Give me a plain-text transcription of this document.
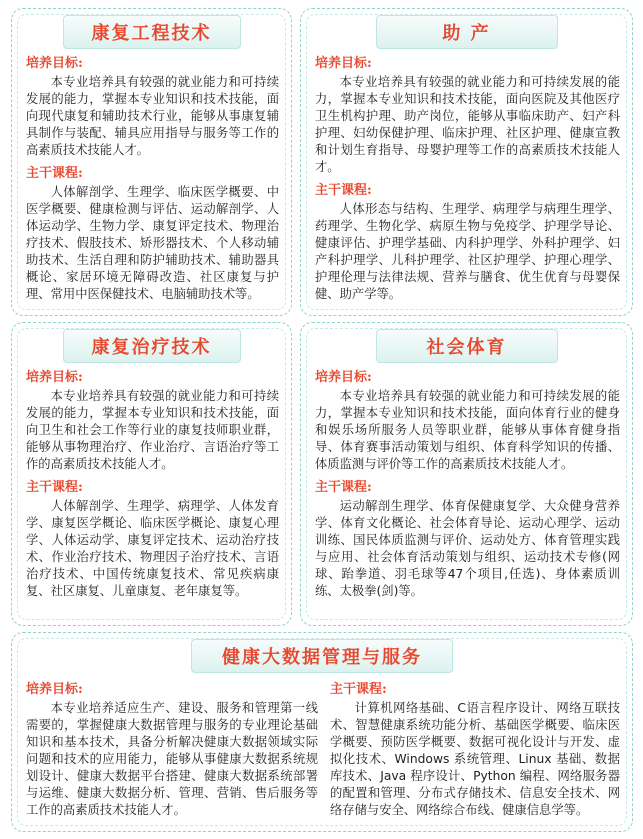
康复工程技术
培养目标:
本专业培养具有较强的就业能力和可持续发展的能力，掌握本专业知识和技术技能，面向现代康复和辅助技术行业，能够从事康复辅具制作与装配、辅具应用指导与服务等工作的高素质技术技能人才。
主干课程:
人体解剖学、生理学、临床医学概要、中医学概要、健康检测与评估、运动解剖学、人体运动学、生物力学、康复评定技术、物理治疗技术、假肢技术、矫形器技术、个人移动辅助技术、生活自理和防护辅助技术、辅助器具概论、家居环境无障碍改造、社区康复与护理、常用中医保健技术、电脑辅助技术等。
助 产
培养目标:
本专业培养具有较强的就业能力和可持续发展的能力，掌握本专业知识和技术技能，面向医院及其他医疗卫生机构护理、助产岗位，能够从事临床助产、妇产科护理、妇幼保健护理、临床护理、社区护理、健康宣教和计划生育指导、母婴护理等工作的高素质技术技能人才。
主干课程:
人体形态与结构、生理学、病理学与病理生理学、药理学、生物化学、病原生物与免疫学、护理学导论、健康评估、护理学基础、内科护理学、外科护理学、妇产科护理学、儿科护理学、社区护理学、护理心理学、护理伦理与法律法规、营养与膳食、优生优育与母婴保健、助产学等。
康复治疗技术
培养目标:
本专业培养具有较强的就业能力和可持续发展的能力，掌握本专业知识和技术技能，面向卫生和社会工作等行业的康复技师职业群，能够从事物理治疗、作业治疗、言语治疗等工作的高素质技术技能人才。
主干课程:
人体解剖学、生理学、病理学、人体发育学、康复医学概论、临床医学概论、康复心理学、人体运动学、康复评定技术、运动治疗技术、作业治疗技术、物理因子治疗技术、言语治疗技术、中国传统康复技术、常见疾病康复、社区康复、儿童康复、老年康复等。
社会体育
培养目标:
本专业培养具有较强的就业能力和可持续发展的能力，掌握本专业知识和技术技能，面向体育行业的健身和娱乐场所服务人员等职业群，能够从事体育健身指导、体育赛事活动策划与组织、体育科学知识的传播、体质监测与评价等工作的高素质技术技能人才。
主干课程:
运动解剖生理学、体育保健康复学、大众健身营养学、体育文化概论、社会体育导论、运动心理学、运动训练、国民体质监测与评价、运动处方、体育管理实践与应用、社会体育活动策划与组织、运动技术专修(网球、跆拳道、羽毛球等47个项目,任选)、身体素质训练、太极拳(剑)等。
健康大数据管理与服务
培养目标:
本专业培养适应生产、建设、服务和管理第一线需要的，掌握健康大数据管理与服务的专业理论基础知识和基本技术，具备分析解决健康大数据领域实际问题和技术的应用能力，能够从事健康大数据系统规划设计、健康大数据平台搭建、健康大数据系统部署与运维、健康大数据分析、管理、营销、售后服务等工作的高素质技术技能人才。
主干课程:
计算机网络基础、C语言程序设计、网络互联技术、智慧健康系统功能分析、基础医学概要、临床医学概要、预防医学概要、数据可视化设计与开发、虚拟化技术、Windows 系统管理、Linux 基础、数据库技术、Java 程序设计、Python 编程、网络服务器的配置和管理、分布式存储技术、信息安全技术、网络存储与安全、网络综合布线、健康信息学等。
